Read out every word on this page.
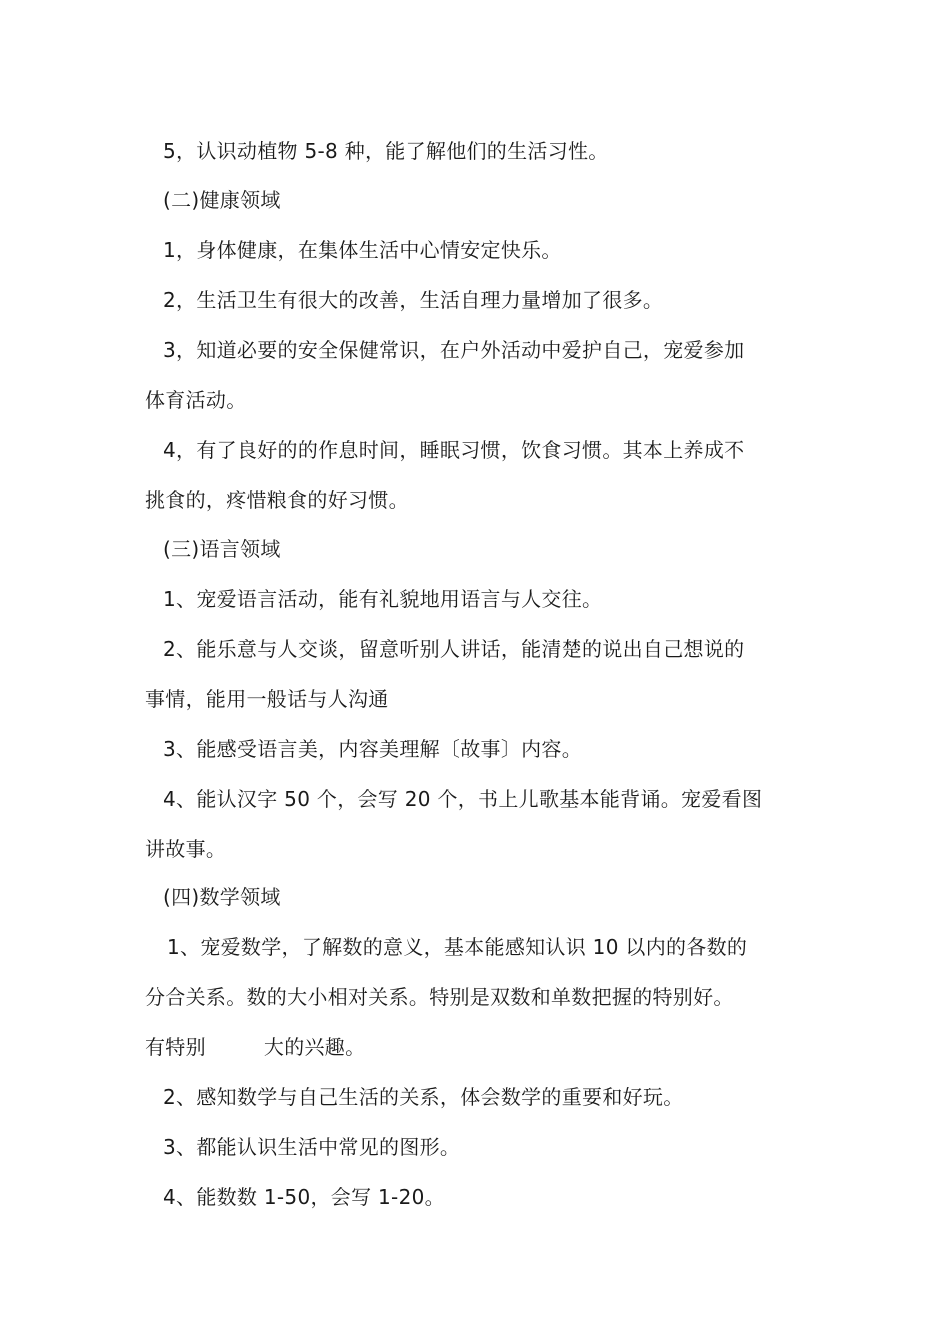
5，认识动植物 5-8 种，能了解他们的生活习性。
(二)健康领域
1，身体健康，在集体生活中心情安定快乐。
2，生活卫生有很大的改善，生活自理力量增加了很多。
3，知道必要的安全保健常识，在户外活动中爱护自己，宠爱参加
体育活动。
4，有了良好的的作息时间，睡眠习惯，饮食习惯。其本上养成不
挑食的，疼惜粮食的好习惯。
(三)语言领域
1、宠爱语言活动，能有礼貌地用语言与人交往。
2、能乐意与人交谈，留意听别人讲话，能清楚的说出自己想说的
事情，能用一般话与人沟通
3、能感受语言美，内容美理解〔故事〕内容。
4、能认汉字 50 个，会写 20 个，书上儿歌基本能背诵。宠爱看图
讲故事。
(四)数学领域
1、宠爱数学，了解数的意义，基本能感知认识 10 以内的各数的
分合关系。数的大小相对关系。特别是双数和单数把握的特别好。
有特别	大的兴趣。
2、感知数学与自己生活的关系，体会数学的重要和好玩。
3、都能认识生活中常见的图形。
4、能数数 1-50，会写 1-20。
